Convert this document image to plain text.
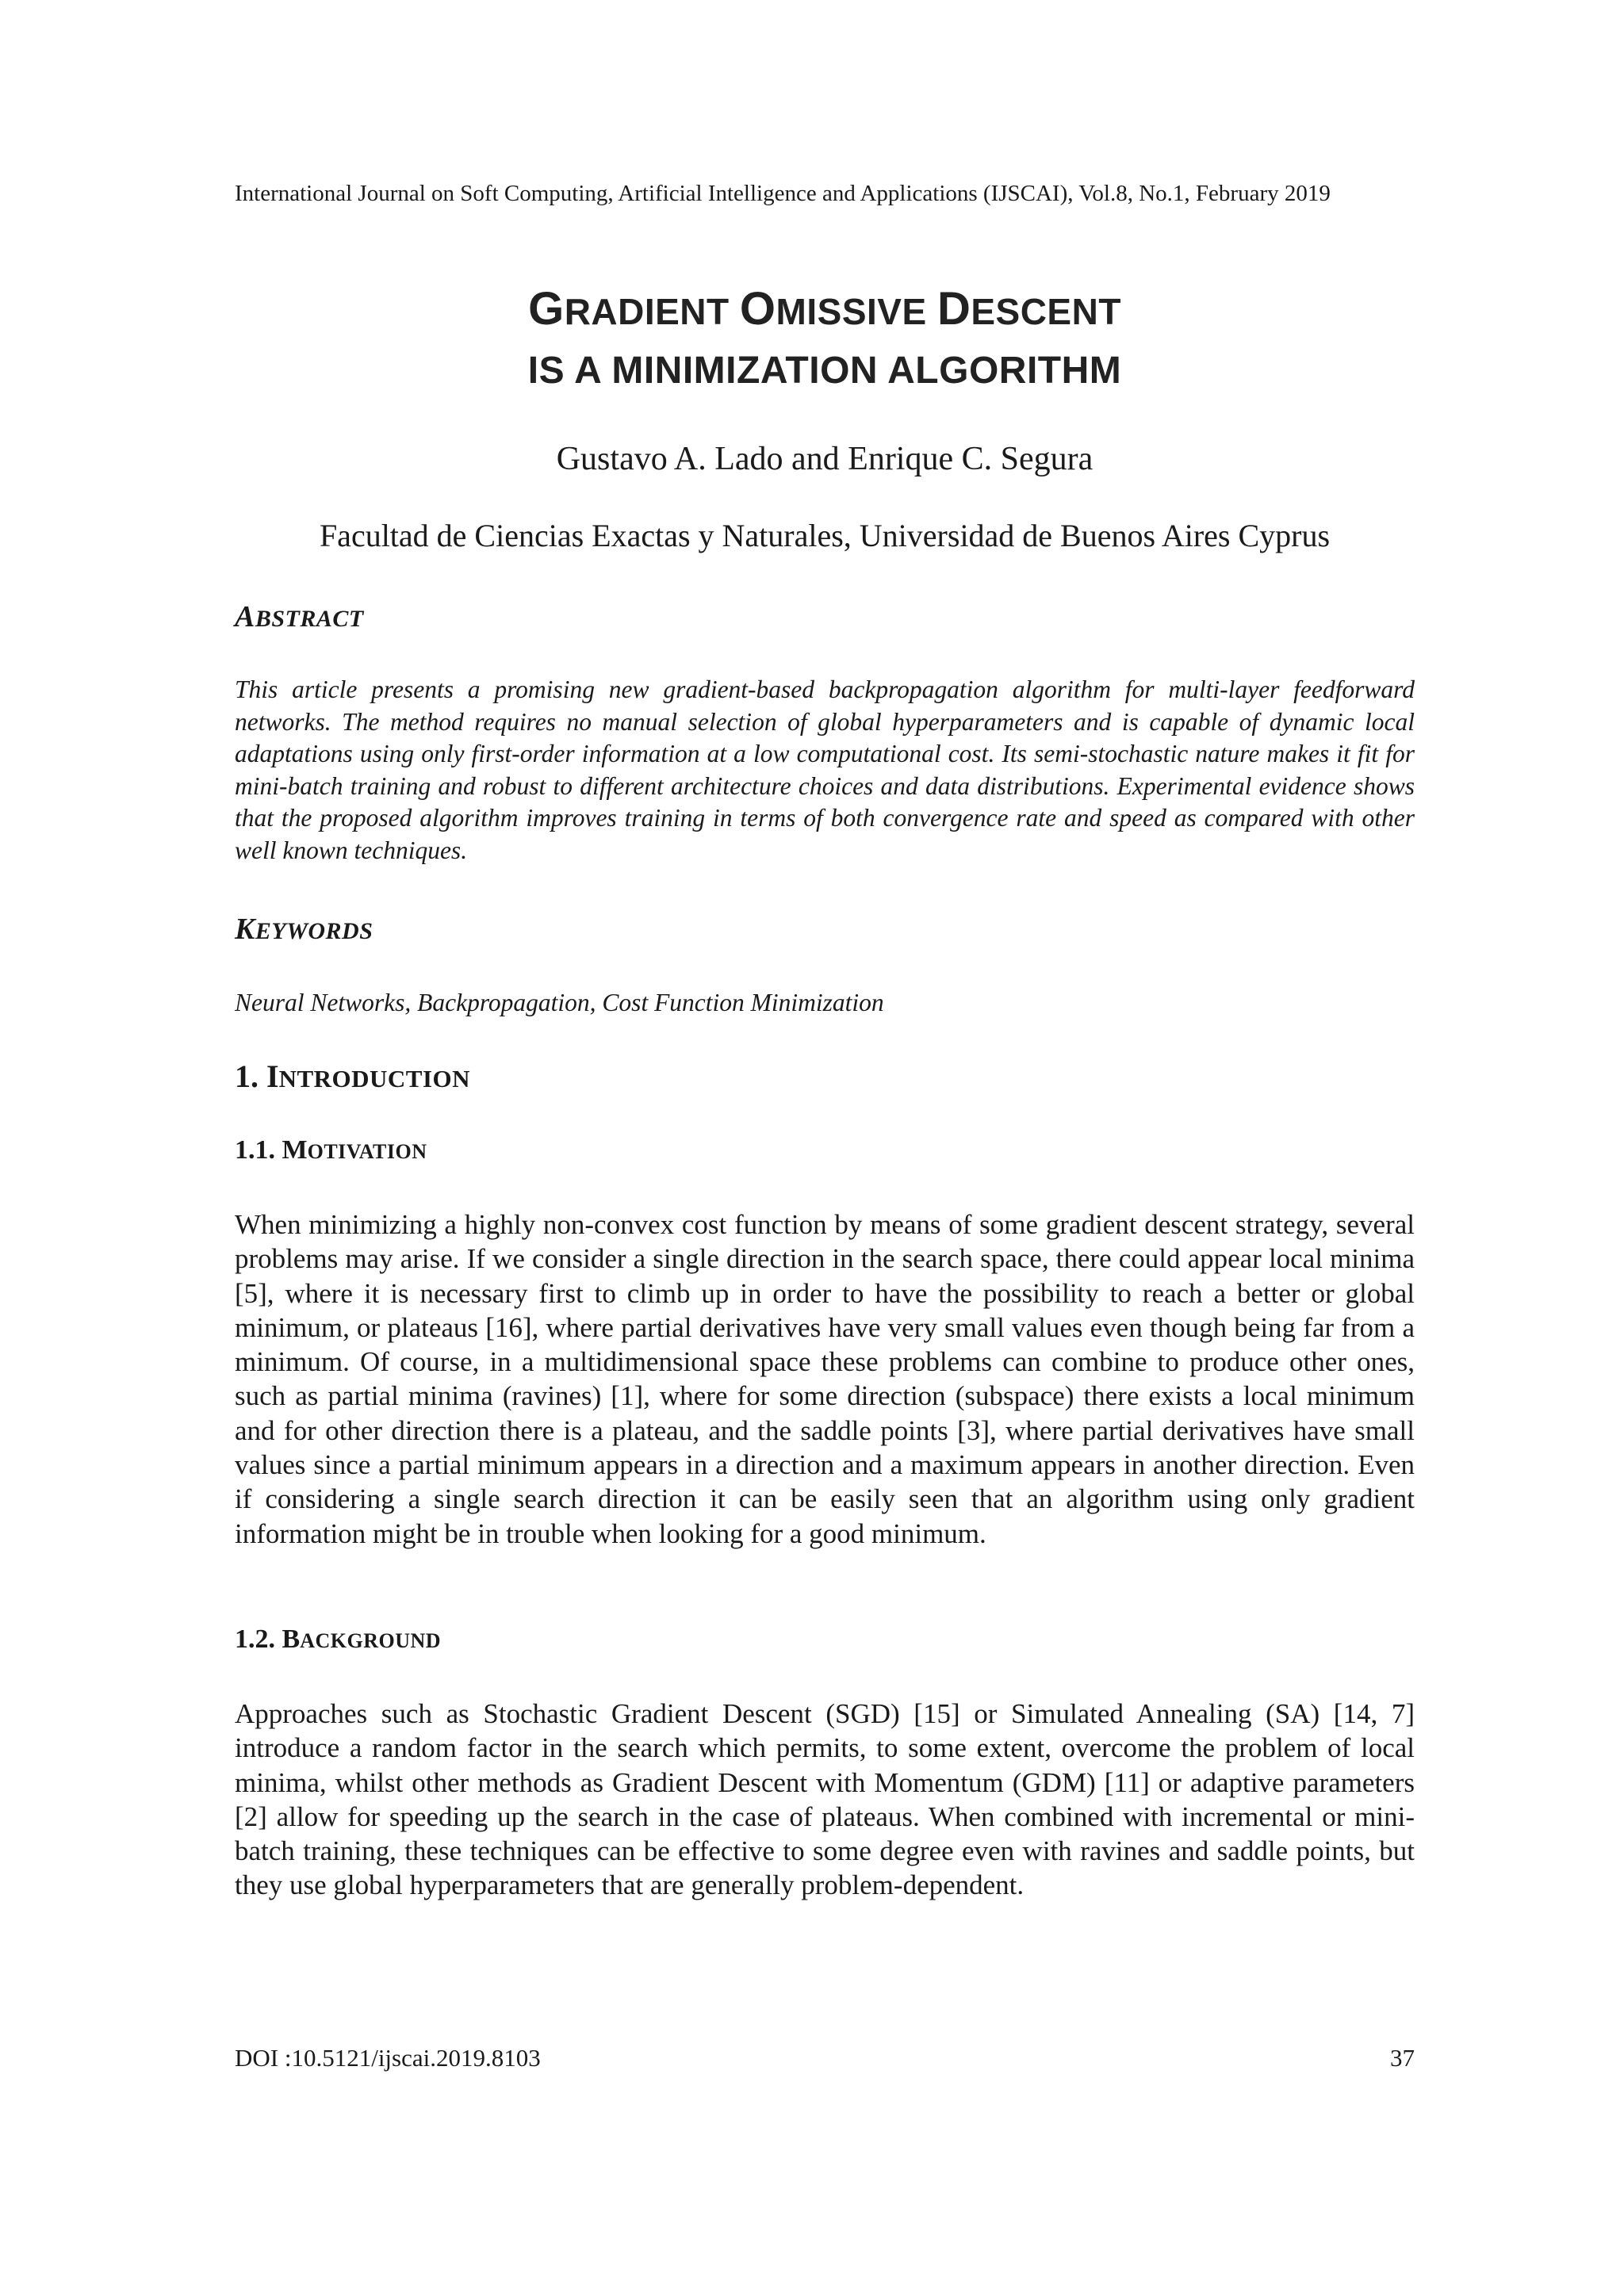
International Journal on Soft Computing, Artificial Intelligence and Applications (IJSCAI), Vol.8, No.1, February 2019
GRADIENT OMISSIVE DESCENT
IS A MINIMIZATION ALGORITHM
Gustavo A. Lado and Enrique C. Segura
Facultad de Ciencias Exactas y Naturales, Universidad de Buenos Aires Cyprus
ABSTRACT
This article presents a promising new gradient-based backpropagation algorithm for multi-layer feedforward networks. The method requires no manual selection of global hyperparameters and is capable of dynamic local adaptations using only first-order information at a low computational cost. Its semi-stochastic nature makes it fit for mini-batch training and robust to different architecture choices and data distributions. Experimental evidence shows that the proposed algorithm improves training in terms of both convergence rate and speed as compared with other well known techniques.
KEYWORDS
Neural Networks, Backpropagation, Cost Function Minimization
1. INTRODUCTION
1.1. MOTIVATION
When minimizing a highly non-convex cost function by means of some gradient descent strategy, several problems may arise. If we consider a single direction in the search space, there could appear local minima [5], where it is necessary first to climb up in order to have the possibility to reach a better or global minimum, or plateaus [16], where partial derivatives have very small values even though being far from a minimum. Of course, in a multidimensional space these problems can combine to produce other ones, such as partial minima (ravines) [1], where for some direction (subspace) there exists a local minimum and for other direction there is a plateau, and the saddle points [3], where partial derivatives have small values since a partial minimum appears in a direction and a maximum appears in another direction. Even if considering a single search direction it can be easily seen that an algorithm using only gradient information might be in trouble when looking for a good minimum.
1.2. BACKGROUND
Approaches such as Stochastic Gradient Descent (SGD) [15] or Simulated Annealing (SA) [14, 7] introduce a random factor in the search which permits, to some extent, overcome the problem of local minima, whilst other methods as Gradient Descent with Momentum (GDM) [11] or adaptive parameters [2] allow for speeding up the search in the case of plateaus. When combined with incremental or mini-batch training, these techniques can be effective to some degree even with ravines and saddle points, but they use global hyperparameters that are generally problem-dependent.
DOI :10.5121/ijscai.2019.8103	37
